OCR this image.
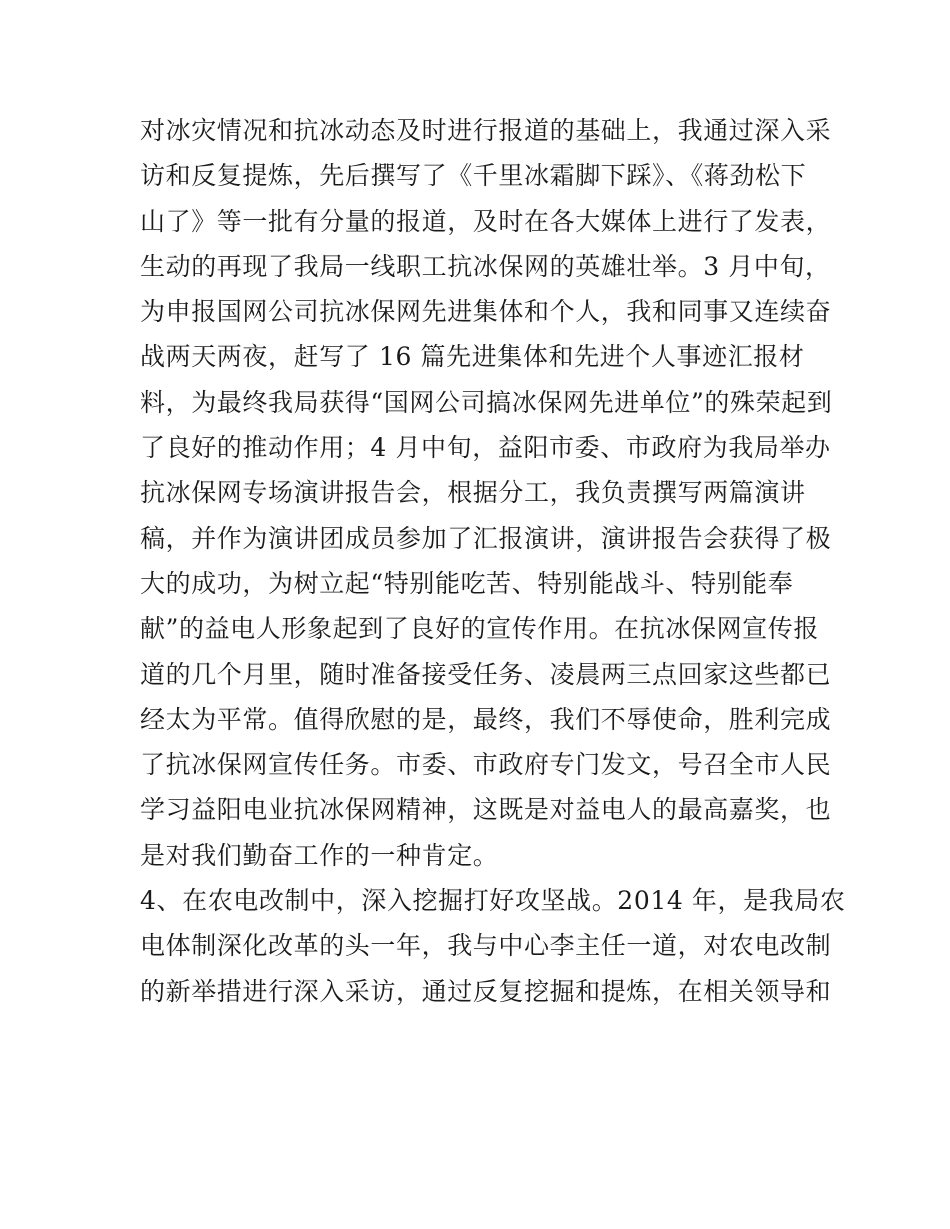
对冰灾情况和抗冰动态及时进行报道的基础上，我通过深入采
访和反复提炼，先后撰写了《千里冰霜脚下踩》、《蒋劲松下
山了》等一批有分量的报道，及时在各大媒体上进行了发表，
生动的再现了我局一线职工抗冰保网的英雄壮举。3 月中旬，
为申报国网公司抗冰保网先进集体和个人，我和同事又连续奋
战两天两夜，赶写了 16 篇先进集体和先进个人事迹汇报材
料，为最终我局获得“国网公司搞冰保网先进单位”的殊荣起到
了良好的推动作用；4 月中旬，益阳市委、市政府为我局举办
抗冰保网专场演讲报告会，根据分工，我负责撰写两篇演讲
稿，并作为演讲团成员参加了汇报演讲，演讲报告会获得了极
大的成功，为树立起“特别能吃苦、特别能战斗、特别能奉
献”的益电人形象起到了良好的宣传作用。在抗冰保网宣传报
道的几个月里，随时准备接受任务、凌晨两三点回家这些都已
经太为平常。值得欣慰的是，最终，我们不辱使命，胜利完成
了抗冰保网宣传任务。市委、市政府专门发文，号召全市人民
学习益阳电业抗冰保网精神，这既是对益电人的最高嘉奖，也
是对我们勤奋工作的一种肯定。
4、在农电改制中，深入挖掘打好攻坚战。2014 年，是我局农
电体制深化改革的头一年，我与中心李主任一道，对农电改制
的新举措进行深入采访，通过反复挖掘和提炼，在相关领导和
